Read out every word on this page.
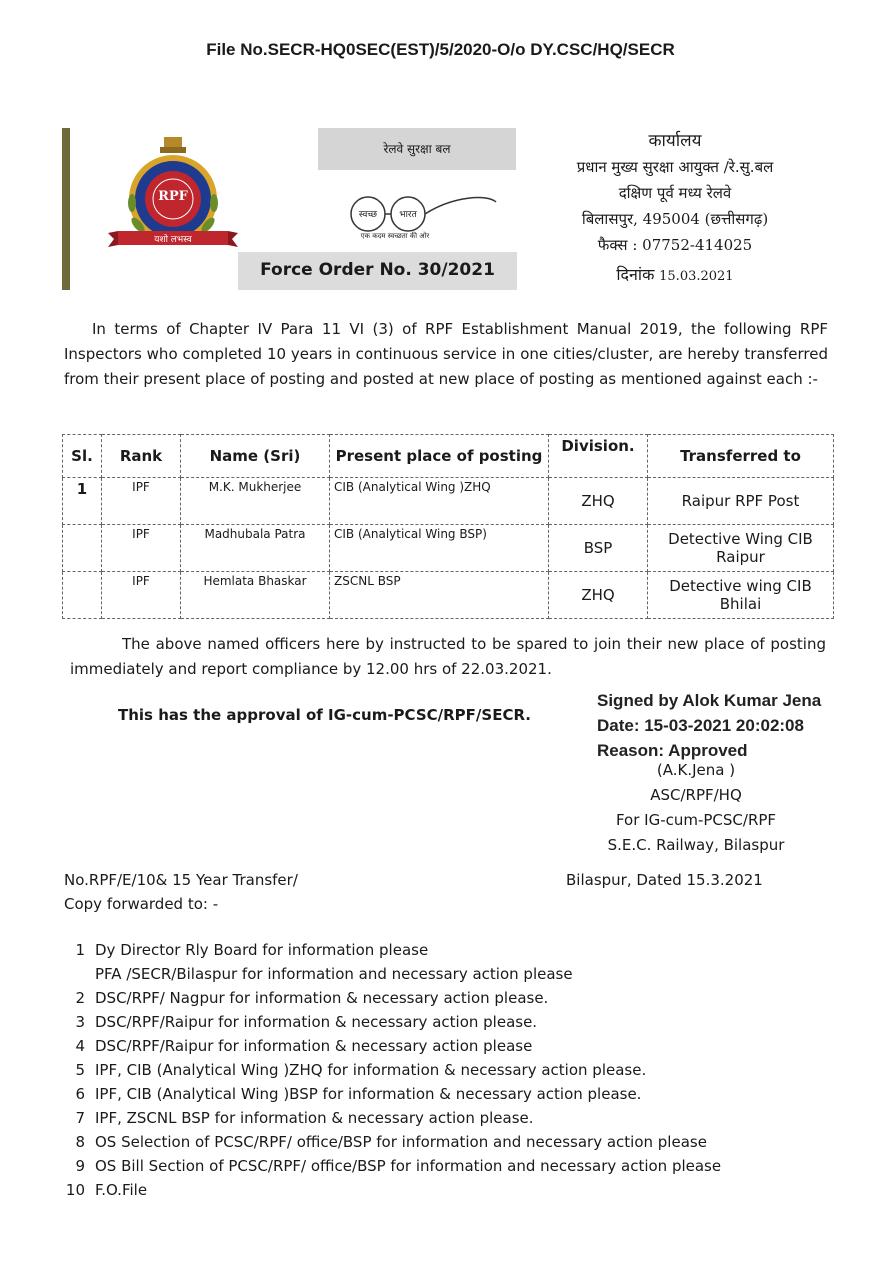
File No.SECR-HQ0SEC(EST)/5/2020-O/o DY.CSC/HQ/SECR
रेलवे सुरक्षा बल
RPF
यशो लभस्व
स्वच्छ	भारत
एक कदम स्वच्छता की ओर
Force Order No. 30/2021
कार्यालय
प्रधान मुख्य सुरक्षा आयुक्त /रे.सु.बल
दक्षिण पूर्व मध्य रेलवे
बिलासपुर, 495004 (छत्तीसगढ़)
फैक्स : 07752-414025
दिनांक 15.03.2021
In terms of Chapter IV Para 11 VI (3) of RPF Establishment Manual 2019, the following RPF Inspectors who completed 10 years in continuous service in one cities/cluster, are hereby transferred from their present place of posting and posted at new place of posting as mentioned against each :-
Sl.	Rank	Name (Sri)	Present place of posting	Division.	Transferred to
1	IPF	M.K. Mukherjee	CIB (Analytical Wing )ZHQ	ZHQ	Raipur RPF Post

	IPF	Madhubala Patra	CIB (Analytical Wing BSP)	BSP	Detective Wing CIB
Raipur

	IPF	Hemlata Bhaskar	ZSCNL BSP	ZHQ	Detective wing CIB
Bhilai
The above named officers here by instructed to be spared to join their new place of posting immediately and report compliance by 12.00 hrs of 22.03.2021.
This has the approval of IG-cum-PCSC/RPF/SECR.
Signed by Alok Kumar Jena
Date: 15-03-2021 20:02:08
Reason: Approved
(A.K.Jena )
ASC/RPF/HQ
For IG-cum-PCSC/RPF
S.E.C. Railway, Bilaspur
No.RPF/E/10& 15 Year Transfer/	Bilaspur, Dated 15.3.2021
Copy forwarded to: -
1 Dy Director Rly Board for information please
PFA /SECR/Bilaspur for information and necessary action please
2 DSC/RPF/ Nagpur for information & necessary action please.
3 DSC/RPF/Raipur for information & necessary action please.
4 DSC/RPF/Raipur for information & necessary action please
5 IPF, CIB (Analytical Wing )ZHQ for information & necessary action please.
6 IPF, CIB (Analytical Wing )BSP for information & necessary action please.
7 IPF, ZSCNL BSP for information & necessary action please.
8 OS Selection of PCSC/RPF/ office/BSP for information and necessary action please
9 OS Bill Section of PCSC/RPF/ office/BSP for information and necessary action please
10 F.O.File
